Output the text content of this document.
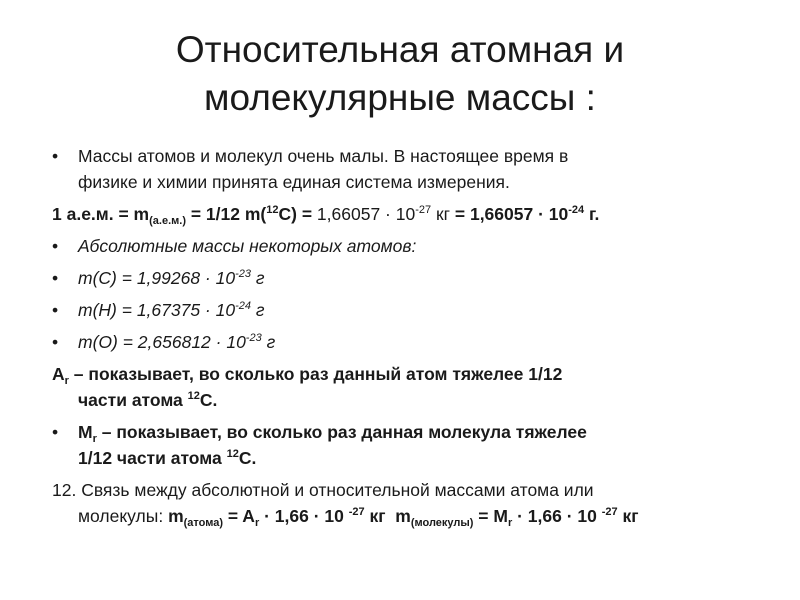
Относительная атомная и
молекулярные массы :
• Массы атомов и молекул очень малы. В настоящее время в
физике и химии принята единая система измерения.
1 а.е.м. = $m_{(а.е.м.)} = 1/12$ $m(^{12}C) = 1,66057 \cdot 10^{-27}$ кг = $1,66057 \cdot 10^{-24}$ г.
• Абсолютные массы некоторых атомов:
• $m(C) = 1,99268 \cdot 10^{-23}$ г
• $m(H) = 1,67375 \cdot 10^{-24}$ г
• $m(O) = 2,656812 \cdot 10^{-23}$ г
$A_r$ – показывает, во сколько раз данный атом тяжелее 1/12
части атома $^{12}$C.
• $M_r$ – показывает, во сколько раз данная молекула тяжелее
1/12 части атома $^{12}$C.
12. Связь между абсолютной и относительной массами атома или
молекулы: $m_{(атома)} = A_r \cdot 1,66 \cdot 10$ $^{-27}$ кг $m_{(молекулы)} = M_r \cdot 1,66 \cdot 10$ $^{-27}$ кг
